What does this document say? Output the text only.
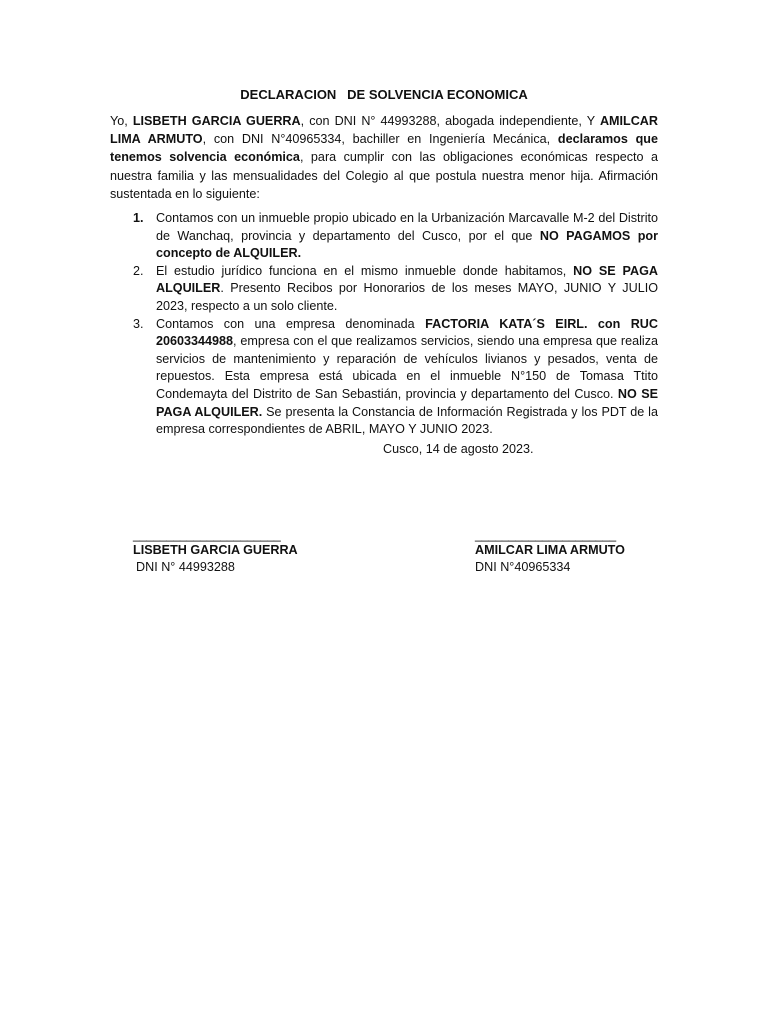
DECLARACION   DE SOLVENCIA ECONOMICA

Yo, LISBETH GARCIA GUERRA, con DNI N° 44993288, abogada independiente, Y AMILCAR LIMA ARMUTO, con DNI N°40965334, bachiller en Ingeniería Mecánica, declaramos que tenemos solvencia económica, para cumplir con las obligaciones económicas respecto a nuestra familia y las mensualidades del Colegio al que postula nuestra menor hija. Afirmación sustentada en lo siguiente:

1. Contamos con un inmueble propio ubicado en la Urbanización Marcavalle M-2 del Distrito de Wanchaq, provincia y departamento del Cusco, por el que NO PAGAMOS por concepto de ALQUILER.
2. El estudio jurídico funciona en el mismo inmueble donde habitamos, NO SE PAGA ALQUILER. Presento Recibos por Honorarios de los meses MAYO, JUNIO Y JULIO 2023, respecto a un solo cliente.
3. Contamos con una empresa denominada FACTORIA KATA´S EIRL. con RUC 20603344988, empresa con el que realizamos servicios, siendo una empresa que realiza servicios de mantenimiento y reparación de vehículos livianos y pesados, venta de repuestos. Esta empresa está ubicada en el inmueble N°150 de Tomasa Ttito Condemayta del Distrito de San Sebastián, provincia y departamento del Cusco. NO SE PAGA ALQUILER. Se presenta la Constancia de Información Registrada y los PDT de la empresa correspondientes de ABRIL, MAYO Y JUNIO 2023.
Cusco, 14 de agosto 2023.
______________________
LISBETH GARCIA GUERRA
DNI N° 44993288
_____________________
AMILCAR LIMA ARMUTO
DNI N°40965334
